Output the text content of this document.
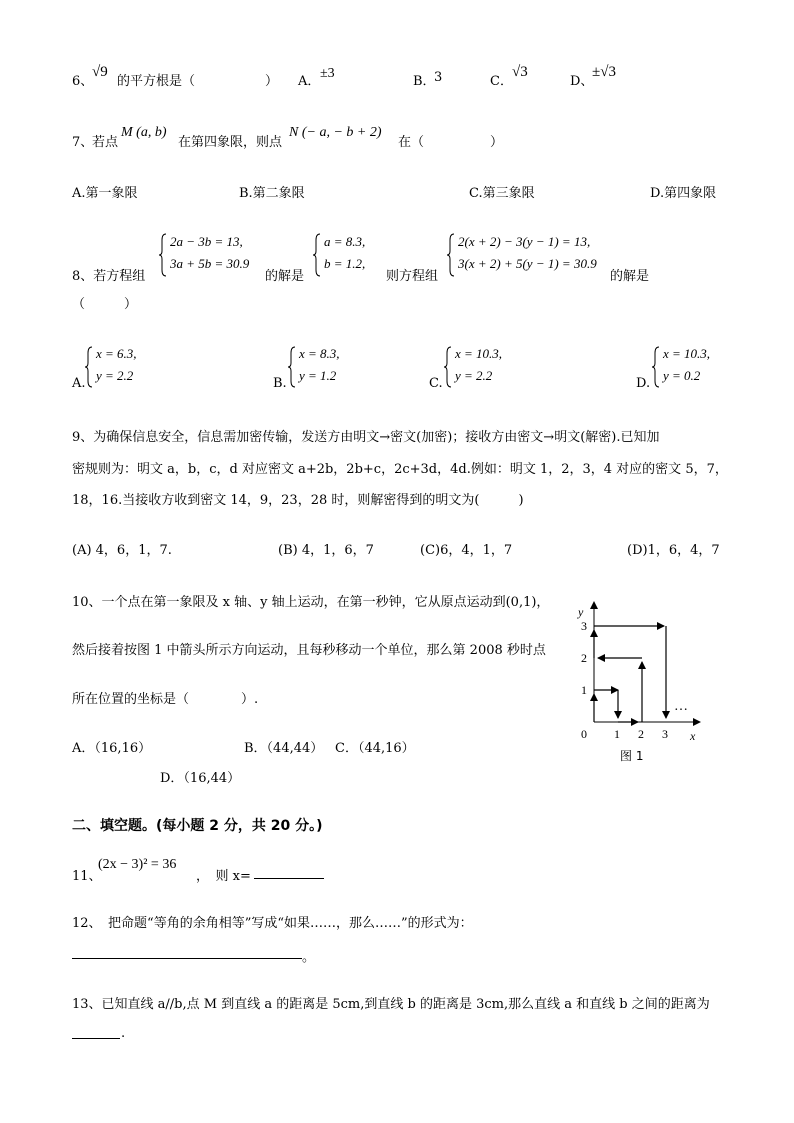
6、
√9
的平方根是（	） A．
±3
B．
3	C．
√3
D、
±√3
7、
若点
M (a, b)
在第四象限，则点
N (− a, − b + 2)
在（	）
A.第一象限	B.第二象限	C.第三象限	D.第四象限
8、若方程组
2a − 3b = 13,
3a + 5b = 30.9
的解是
a = 8.3,
b = 1.2,
则方程组
2(x + 2) − 3(y − 1) = 13,
3(x + 2) + 5(y − 1) = 30.9
的解是
（　　　）
A.
x = 6.3,
y = 2.2
B.
x = 8.3,
y = 1.2
C.
x = 10.3,
y = 2.2
D.
x = 10.3,
y = 0.2
9、为确保信息安全，信息需加密传输，发送方由明文→密文(加密)；接收方由密文→明文(解密).已知加
密规则为：明文 a，b，c，d 对应密文 a+2b，2b+c，2c+3d，4d.例如：明文 1，2，3，4 对应的密文 5，7，
18，16.当接收方收到密文 14，9，23，28 时，则解密得到的明文为(　　　)
(A) 4，6，1，7.	(B) 4，1，6，7	(C)6，4，1，7	(D)1，6，4，7
10、一个点在第一象限及 x 轴、y 轴上运动，在第一秒钟，它从原点运动到(0,1)，
然后接着按图 1 中箭头所示方向运动，且每秒移动一个单位，那么第 2008 秒时点
所在位置的坐标是（　　　　）.
A．（16,16）	B．（44,44） C．（44,16）
D．（16,44）
y
x
0 1 2 3
1
2
3
…
图 1
二、填空题。(每小题 2 分，共 20 分。)
11、
(2x − 3)² = 36
，　则 x=
12、　把命题“等角的余角相等”写成“如果……，那么……”的形式为：
。
13、已知直线 a//b,点 M 到直线 a 的距离是 5cm,到直线 b 的距离是 3cm,那么直线 a 和直线 b 之间的距离为
.
